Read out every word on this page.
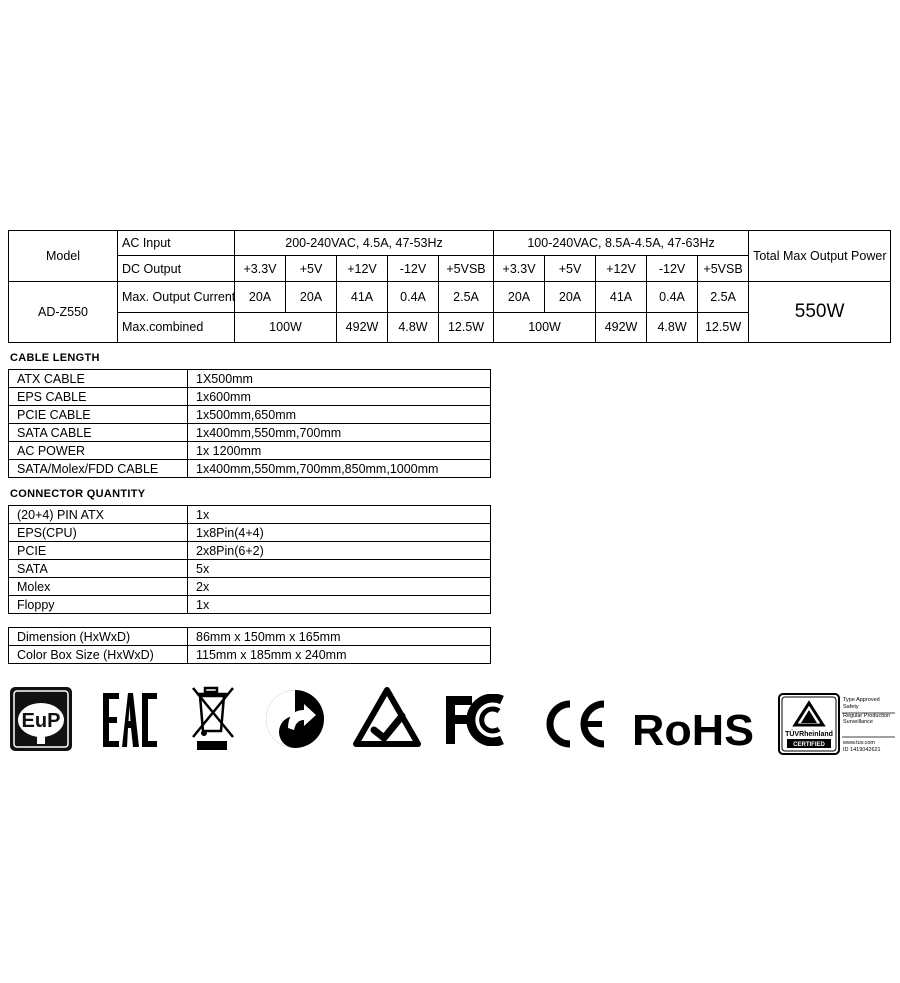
Model	AC Input	200-240VAC, 4.5A, 47-53Hz					100-240VAC, 8.5A-4.5A, 47-63Hz					Total Max Output Power
	DC Output	+3.3V	+5V	+12V	-12V	+5VSB	+3.3V	+5V	+12V	-12V	+5VSB	
AD-Z550	Max. Output Current	20A	20A	41A	0.4A	2.5A	20A	20A	41A	0.4A	2.5A	550W
	Max.combined	100W		492W	4.8W	12.5W	100W		492W	4.8W	12.5W	
CABLE LENGTH
ATX CABLE	1X500mm
EPS CABLE	1x600mm
PCIE CABLE	1x500mm,650mm
SATA CABLE	1x400mm,550mm,700mm
AC POWER	1x 1200mm
SATA/Molex/FDD CABLE	1x400mm,550mm,700mm,850mm,1000mm
CONNECTOR QUANTITY
(20+4) PIN ATX	1x
EPS(CPU)	1x8Pin(4+4)
PCIE	2x8Pin(6+2)
SATA	5x
Molex	2x
Floppy	1x
Dimension (HxWxD)	86mm x 150mm x 165mm
Color Box Size (HxWxD)	115mm x 185mm x 240mm
EuP
EAC
FC
CE
RoHS	TÜVRheinland
CERTIFIED
Type Approved
Safety
Regular Production
Surveillance
www.tuv.com
ID 1419042621
